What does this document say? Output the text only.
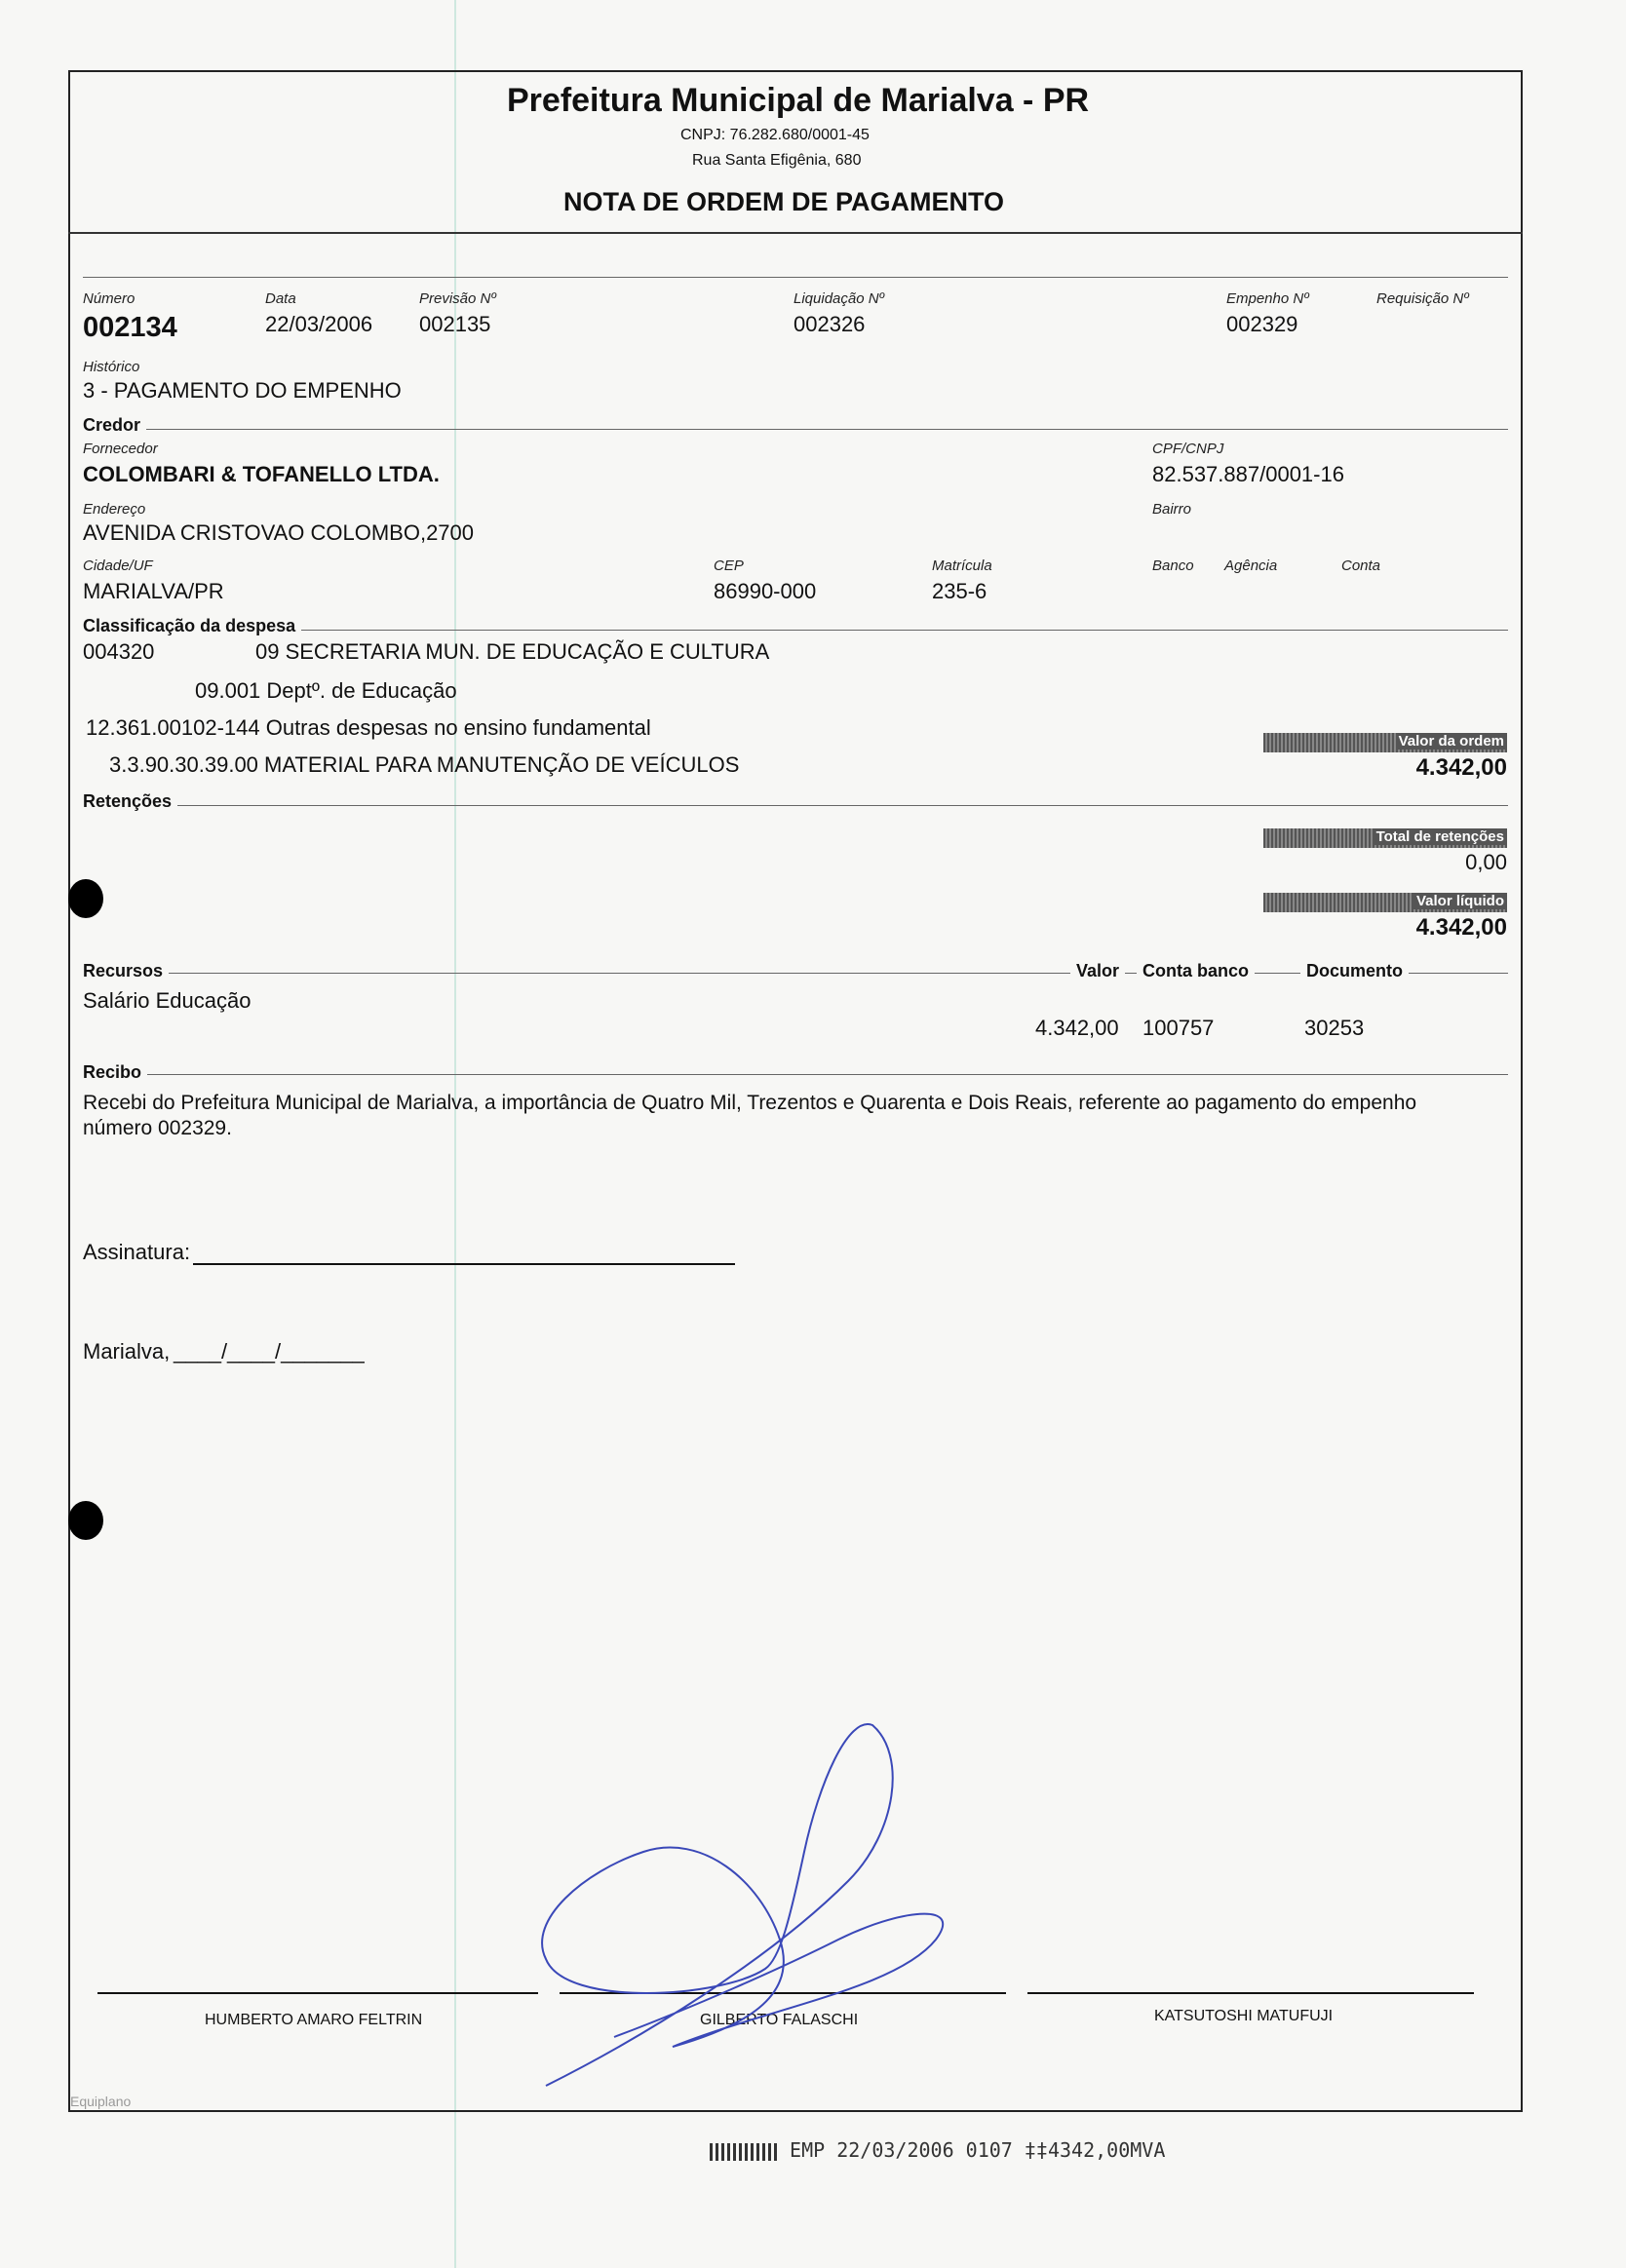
Prefeitura Municipal de Marialva - PR
CNPJ: 76.282.680/0001-45
Rua Santa Efigênia, 680
NOTA DE ORDEM DE PAGAMENTO
Número
002134
Data
22/03/2006
Previsão Nº
002135
Liquidação Nº
002326
Empenho Nº
002329
Requisição Nº
Histórico
3 - PAGAMENTO DO EMPENHO
Credor
Fornecedor
COLOMBARI & TOFANELLO LTDA.
CPF/CNPJ
82.537.887/0001-16
Endereço
AVENIDA CRISTOVAO COLOMBO,2700
Bairro
Cidade/UF
MARIALVA/PR
CEP
86990-000
Matrícula
235-6
Banco Agência	Conta
Classificação da despesa
004320	09 SECRETARIA MUN. DE EDUCAÇÃO E CULTURA
09.001 Deptº. de Educação
12.361.00102-144 Outras despesas no ensino fundamental
3.3.90.30.39.00 MATERIAL PARA MANUTENÇÃO DE VEÍCULOS
Valor da ordem
4.342,00
Retenções
Total de retenções
0,00
Valor líquido
4.342,00
Recursos	Valor	Conta banco	Documento
Salário Educação
4.342,00 100757	30253
Recibo
Recebi do Prefeitura Municipal de Marialva, a importância de Quatro Mil, Trezentos e Quarenta e Dois Reais, referente ao pagamento do empenho
número 002329.
Assinatura:
Marialva, ____/____/_______
HUMBERTO AMARO FELTRIN	GILBERTO FALASCHI	KATSUTOSHI MATUFUJI
Equiplano
EMP 22/03/2006 0107 ‡‡4342,00MVA
